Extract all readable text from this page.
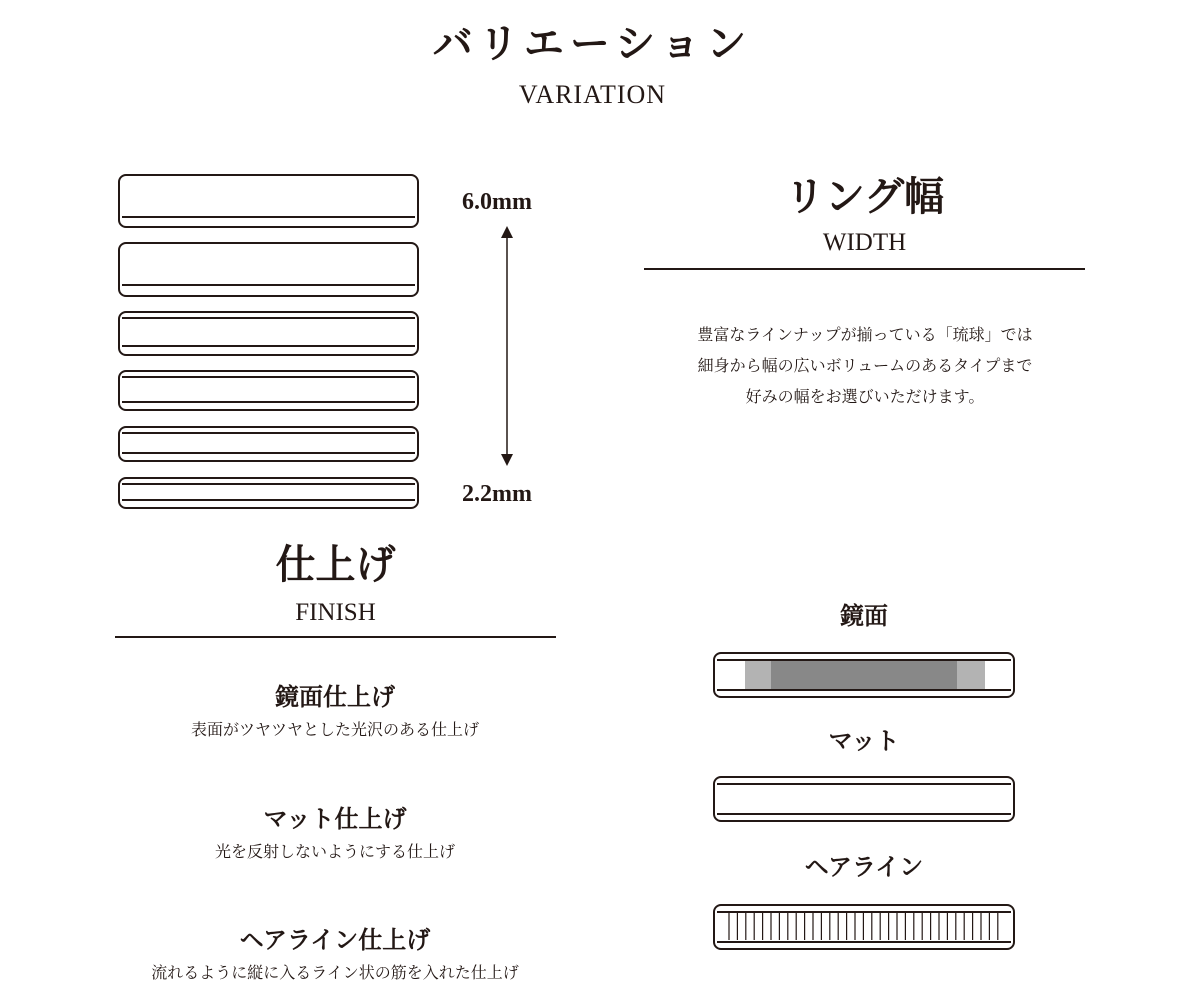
バリエーション
VARIATION
6.0mm
2.2mm
リング幅
WIDTH
豊富なラインナップが揃っている「琉球」では
細身から幅の広いボリュームのあるタイプまで
好みの幅をお選びいただけます。
仕上げ
FINISH
鏡面仕上げ
表面がツヤツヤとした光沢のある仕上げ
マット仕上げ
光を反射しないようにする仕上げ
ヘアライン仕上げ
流れるように縦に入るライン状の筋を入れた仕上げ
鏡面
マット
ヘアライン
